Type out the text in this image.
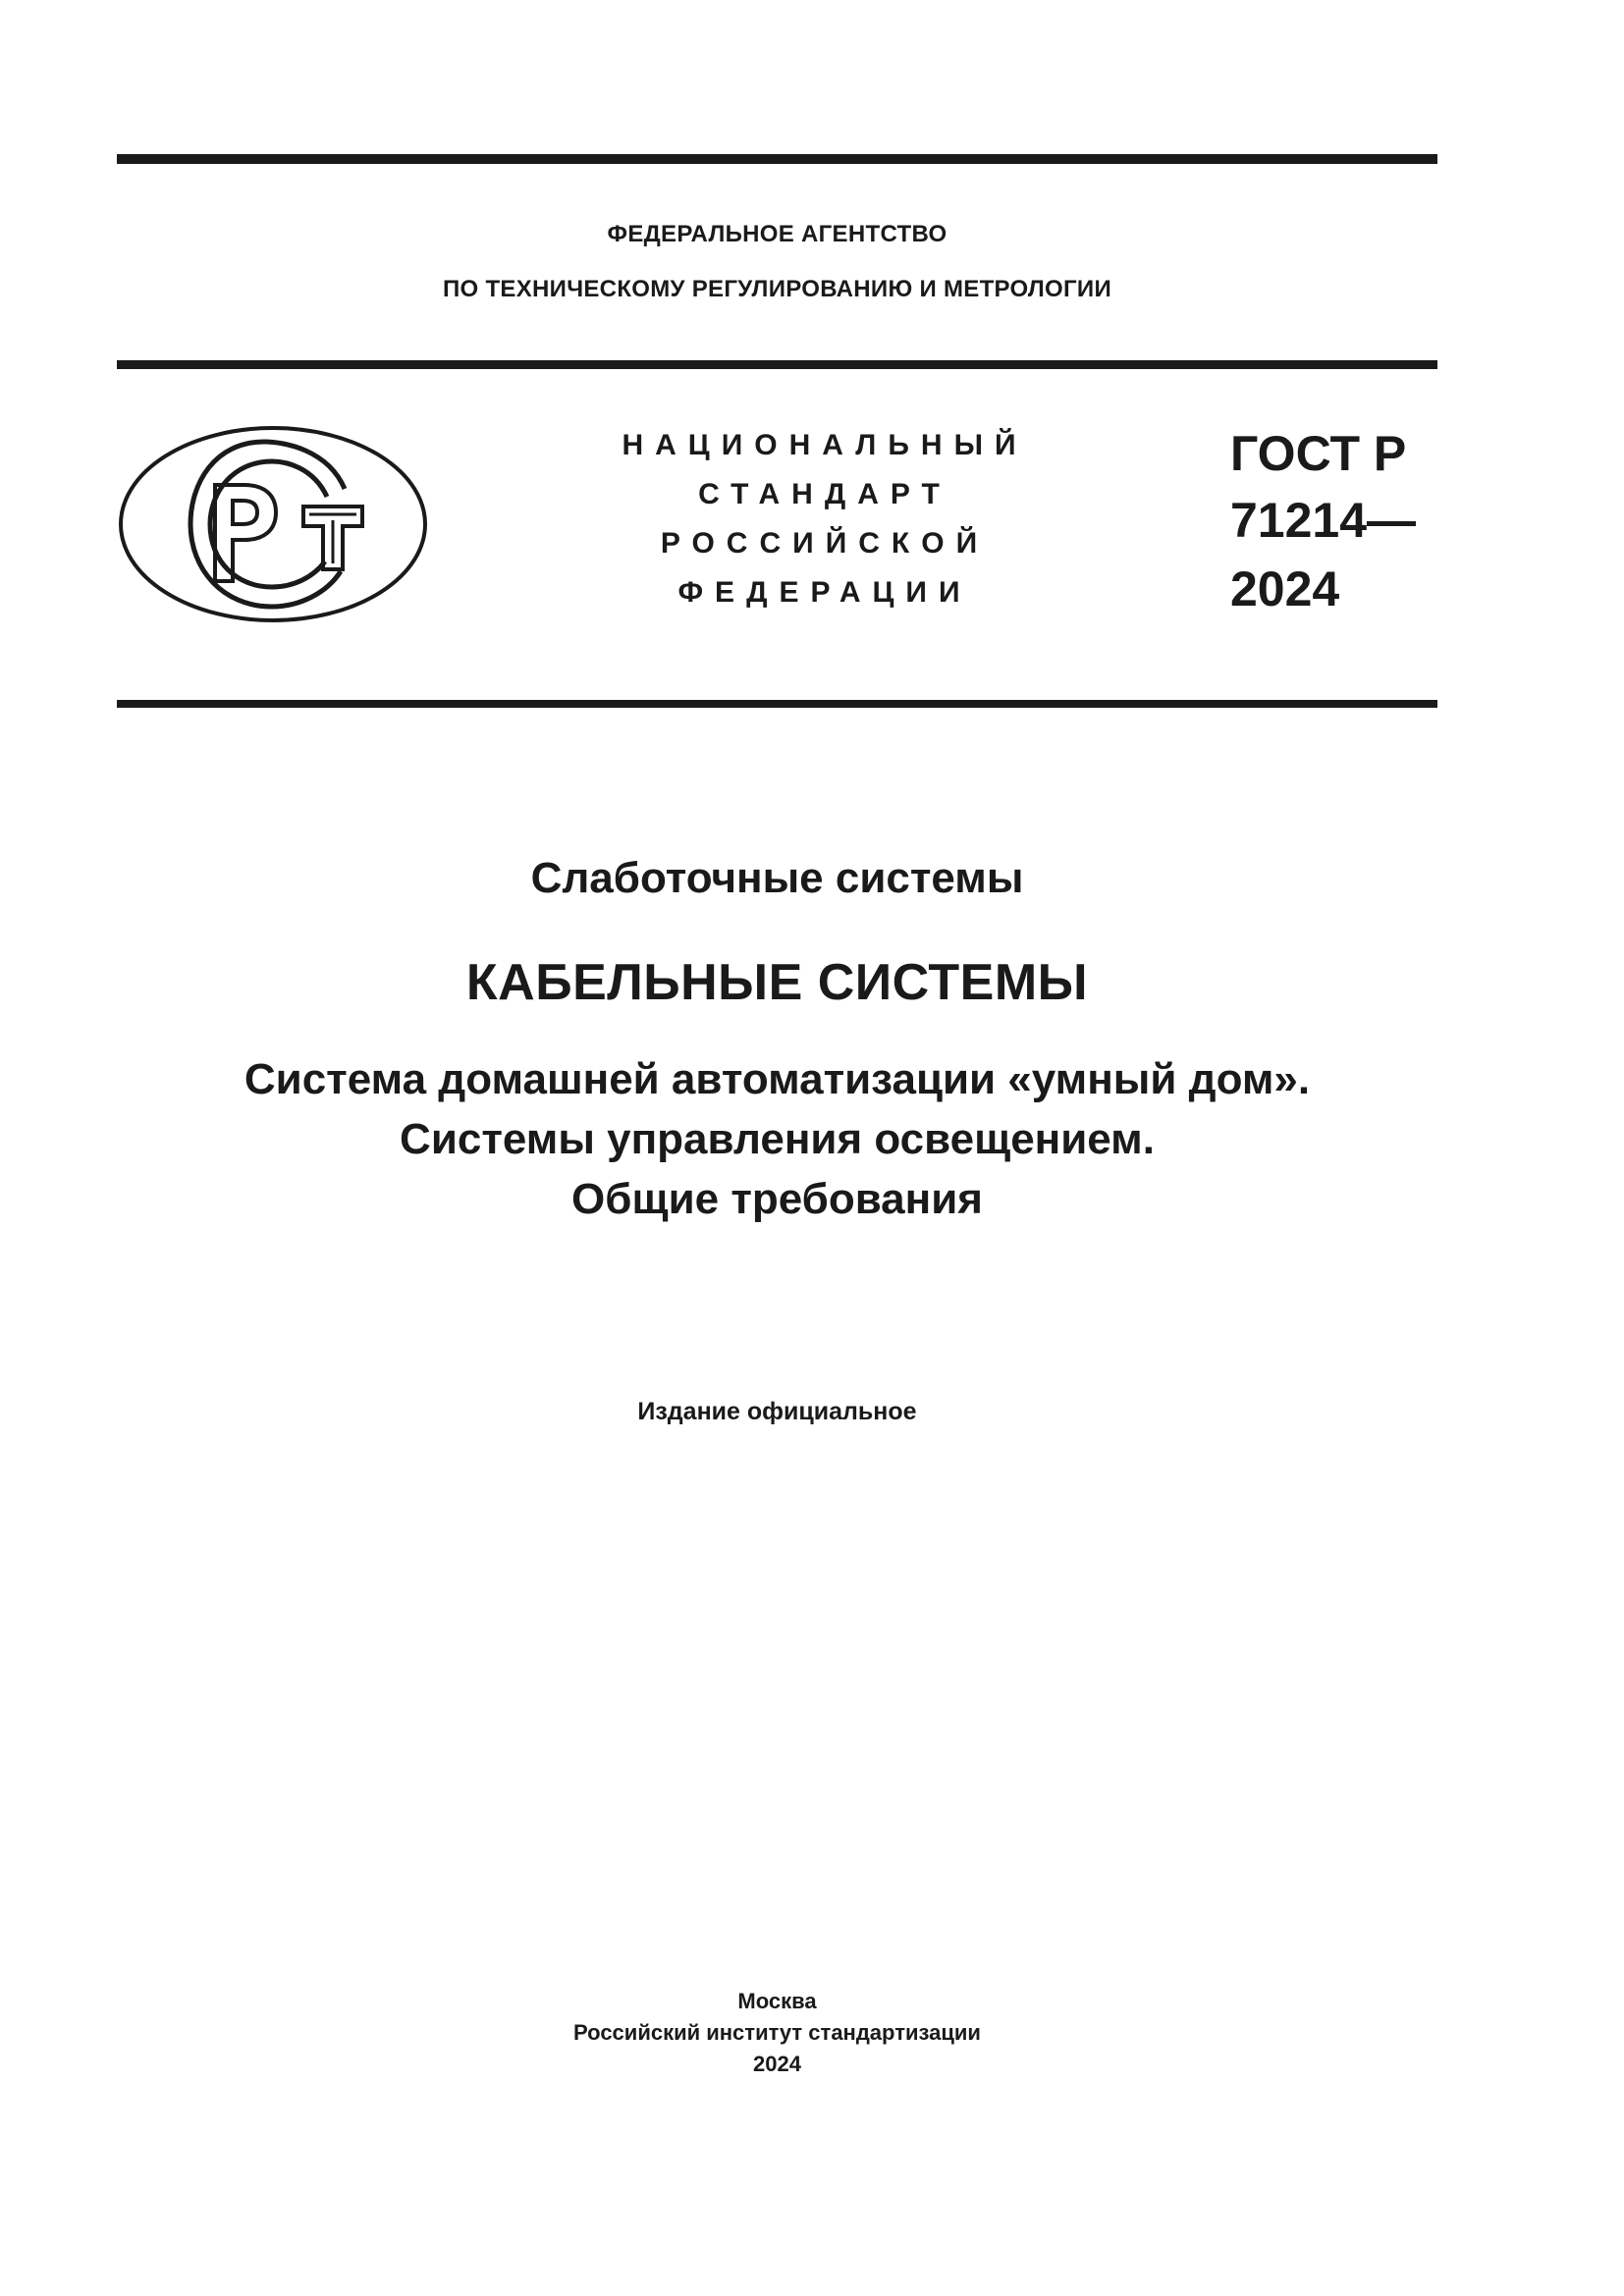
ФЕДЕРАЛЬНОЕ АГЕНТСТВО
ПО ТЕХНИЧЕСКОМУ РЕГУЛИРОВАНИЮ И МЕТРОЛОГИИ
НАЦИОНАЛЬНЫЙ
СТАНДАРТ
РОССИЙСКОЙ
ФЕДЕРАЦИИ
ГОСТ Р
71214—
2024
Слаботочные системы
КАБЕЛЬНЫЕ СИСТЕМЫ
Система домашней автоматизации «умный дом».
Системы управления освещением.
Общие требования
Издание официальное
Москва
Российский институт стандартизации
2024
